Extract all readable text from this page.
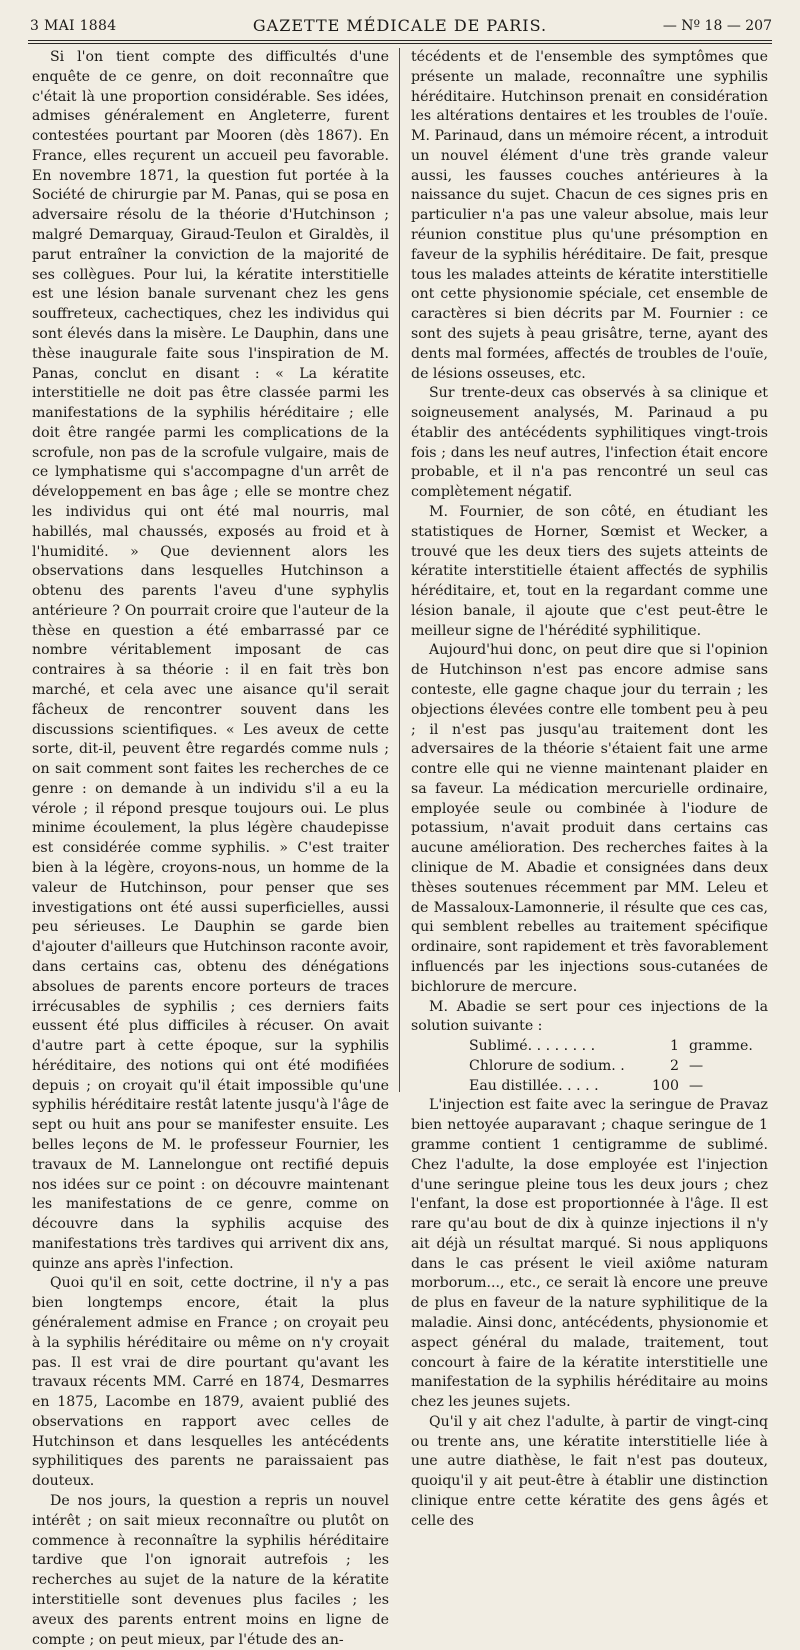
3 MAI 1884	GAZETTE MÉDICALE DE PARIS.	— Nº 18 — 207

Si l'on tient compte des difficultés d'une enquête de ce genre, on doit reconnaître que c'était là une proportion considérable. Ses idées, admises généralement en Angleterre, furent contestées pourtant par Mooren (dès 1867). En France, elles reçurent un accueil peu favorable. En novembre 1871, la question fut portée à la Société de chirurgie par M. Panas, qui se posa en adversaire résolu de la théorie d'Hutchinson ; malgré Demarquay, Giraud-Teulon et Giraldès, il parut entraîner la conviction de la majorité de ses collègues. Pour lui, la kératite interstitielle est une lésion banale survenant chez les gens souffreteux, cachectiques, chez les individus qui sont élevés dans la misère. Le Dauphin, dans une thèse inaugurale faite sous l'inspiration de M. Panas, conclut en disant : « La kératite interstitielle ne doit pas être classée parmi les manifestations de la syphilis héréditaire ; elle doit être rangée parmi les complications de la scrofule, non pas de la scrofule vulgaire, mais de ce lymphatisme qui s'accompagne d'un arrêt de développement en bas âge ; elle se montre chez les individus qui ont été mal nourris, mal habillés, mal chaussés, exposés au froid et à l'humidité. » Que deviennent alors les observations dans lesquelles Hutchinson a obtenu des parents l'aveu d'une syphylis antérieure ? On pourrait croire que l'auteur de la thèse en question a été embarrassé par ce nombre véritablement imposant de cas contraires à sa théorie : il en fait très bon marché, et cela avec une aisance qu'il serait fâcheux de rencontrer souvent dans les discussions scientifiques. « Les aveux de cette sorte, dit-il, peuvent être regardés comme nuls ; on sait comment sont faites les recherches de ce genre : on demande à un individu s'il a eu la vérole ; il répond presque toujours oui. Le plus minime écoulement, la plus légère chaudepisse est considérée comme syphilis. » C'est traiter bien à la légère, croyons-nous, un homme de la valeur de Hutchinson, pour penser que ses investigations ont été aussi superficielles, aussi peu sérieuses. Le Dauphin se garde bien d'ajouter d'ailleurs que Hutchinson raconte avoir, dans certains cas, obtenu des dénégations absolues de parents encore porteurs de traces irrécusables de syphilis ; ces derniers faits eussent été plus difficiles à récuser. On avait d'autre part à cette époque, sur la syphilis héréditaire, des notions qui ont été modifiées depuis ; on croyait qu'il était impossible qu'une syphilis héréditaire restât latente jusqu'à l'âge de sept ou huit ans pour se manifester ensuite. Les belles leçons de M. le professeur Fournier, les travaux de M. Lannelongue ont rectifié depuis nos idées sur ce point : on découvre maintenant les manifestations de ce genre, comme on découvre dans la syphilis acquise des manifestations très tardives qui arrivent dix ans, quinze ans après l'infection.

Quoi qu'il en soit, cette doctrine, il n'y a pas bien longtemps encore, était la plus généralement admise en France ; on croyait peu à la syphilis héréditaire ou même on n'y croyait pas. Il est vrai de dire pourtant qu'avant les travaux récents MM. Carré en 1874, Desmarres en 1875, Lacombe en 1879, avaient publié des observations en rapport avec celles de Hutchinson et dans lesquelles les antécédents syphilitiques des parents ne paraissaient pas douteux.

De nos jours, la question a repris un nouvel intérêt ; on sait mieux reconnaître ou plutôt on commence à reconnaître la syphilis héréditaire tardive que l'on ignorait autrefois ; les recherches au sujet de la nature de la kératite interstitielle sont devenues plus faciles ; les aveux des parents entrent moins en ligne de compte ; on peut mieux, par l'étude des an-

técédents et de l'ensemble des symptômes que présente un malade, reconnaître une syphilis héréditaire. Hutchinson prenait en considération les altérations dentaires et les troubles de l'ouïe. M. Parinaud, dans un mémoire récent, a introduit un nouvel élément d'une très grande valeur aussi, les fausses couches antérieures à la naissance du sujet. Chacun de ces signes pris en particulier n'a pas une valeur absolue, mais leur réunion constitue plus qu'une présomption en faveur de la syphilis héréditaire. De fait, presque tous les malades atteints de kératite interstitielle ont cette physionomie spéciale, cet ensemble de caractères si bien décrits par M. Fournier : ce sont des sujets à peau grisâtre, terne, ayant des dents mal formées, affectés de troubles de l'ouïe, de lésions osseuses, etc.

Sur trente-deux cas observés à sa clinique et soigneusement analysés, M. Parinaud a pu établir des antécédents syphilitiques vingt-trois fois ; dans les neuf autres, l'infection était encore probable, et il n'a pas rencontré un seul cas complètement négatif.

M. Fournier, de son côté, en étudiant les statistiques de Horner, Sœmist et Wecker, a trouvé que les deux tiers des sujets atteints de kératite interstitielle étaient affectés de syphilis héréditaire, et, tout en la regardant comme une lésion banale, il ajoute que c'est peut-être le meilleur signe de l'hérédité syphilitique.

Aujourd'hui donc, on peut dire que si l'opinion de Hutchinson n'est pas encore admise sans conteste, elle gagne chaque jour du terrain ; les objections élevées contre elle tombent peu à peu ; il n'est pas jusqu'au traitement dont les adversaires de la théorie s'étaient fait une arme contre elle qui ne vienne maintenant plaider en sa faveur. La médication mercurielle ordinaire, employée seule ou combinée à l'iodure de potassium, n'avait produit dans certains cas aucune amélioration. Des recherches faites à la clinique de M. Abadie et consignées dans deux thèses soutenues récemment par MM. Leleu et de Massaloux-Lamonnerie, il résulte que ces cas, qui semblent rebelles au traitement spécifique ordinaire, sont rapidement et très favorablement influencés par les injections sous-cutanées de bichlorure de mercure.

M. Abadie se sert pour ces injections de la solution suivante :

Sublimé. . . . . . . .	1 gramme.
Chlorure de sodium. .	2 —
Eau distillée. . . . .	100 —

L'injection est faite avec la seringue de Pravaz bien nettoyée auparavant ; chaque seringue de 1 gramme contient 1 centigramme de sublimé. Chez l'adulte, la dose employée est l'injection d'une seringue pleine tous les deux jours ; chez l'enfant, la dose est proportionnée à l'âge. Il est rare qu'au bout de dix à quinze injections il n'y ait déjà un résultat marqué. Si nous appliquons dans le cas présent le vieil axiôme naturam morborum..., etc., ce serait là encore une preuve de plus en faveur de la nature syphilitique de la maladie. Ainsi donc, antécédents, physionomie et aspect général du malade, traitement, tout concourt à faire de la kératite interstitielle une manifestation de la syphilis héréditaire au moins chez les jeunes sujets.

Qu'il y ait chez l'adulte, à partir de vingt-cinq ou trente ans, une kératite interstitielle liée à une autre diathèse, le fait n'est pas douteux, quoiqu'il y ait peut-être à établir une distinction clinique entre cette kératite des gens âgés et celle des
